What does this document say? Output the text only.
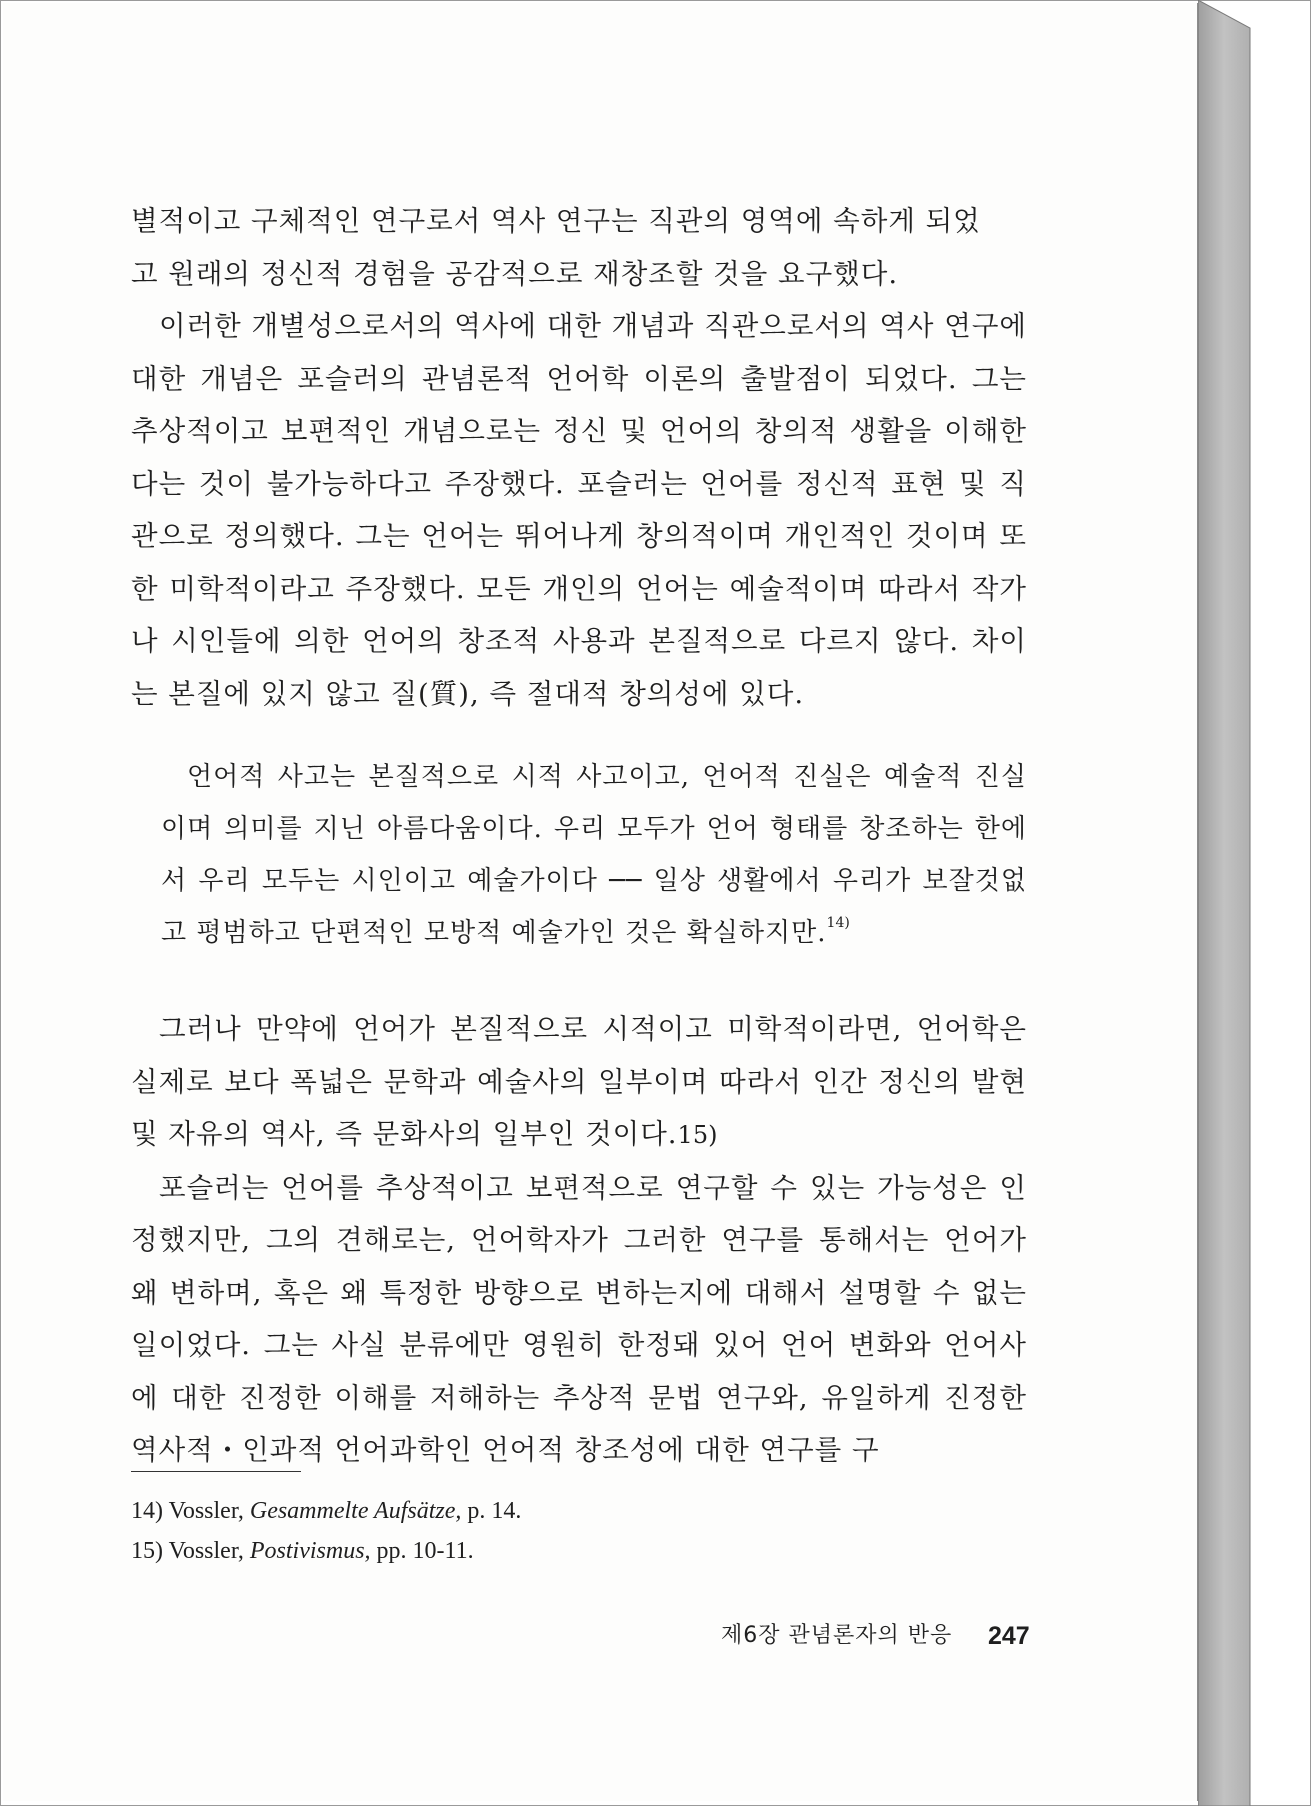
별적이고 구체적인 연구로서 역사 연구는 직관의 영역에 속하게 되었
고 원래의 정신적 경험을 공감적으로 재창조할 것을 요구했다.

이러한 개별성으로서의 역사에 대한 개념과 직관으로서의 역사 연구에 대한 개념은 포슬러의 관념론적 언어학 이론의 출발점이 되었다. 그는 추상적이고 보편적인 개념으로는 정신 및 언어의 창의적 생활을 이해한다는 것이 불가능하다고 주장했다. 포슬러는 언어를 정신적 표현 및 직관으로 정의했다. 그는 언어는 뛰어나게 창의적이며 개인적인 것이며 또한 미학적이라고 주장했다. 모든 개인의 언어는 예술적이며 따라서 작가나 시인들에 의한 언어의 창조적 사용과 본질적으로 다르지 않다. 차이는 본질에 있지 않고 질(質), 즉 절대적 창의성에 있다.

언어적 사고는 본질적으로 시적 사고이고, 언어적 진실은 예술적 진실이며 의미를 지닌 아름다움이다. 우리 모두가 언어 형태를 창조하는 한에서 우리 모두는 시인이고 예술가이다 ── 일상 생활에서 우리가 보잘것없고 평범하고 단편적인 모방적 예술가인 것은 확실하지만.$^{14)}$

그러나 만약에 언어가 본질적으로 시적이고 미학적이라면, 언어학은 실제로 보다 폭넓은 문학과 예술사의 일부이며 따라서 인간 정신의 발현 및 자유의 역사, 즉 문화사의 일부인 것이다.15)

포슬러는 언어를 추상적이고 보편적으로 연구할 수 있는 가능성은 인정했지만, 그의 견해로는, 언어학자가 그러한 연구를 통해서는 언어가 왜 변하며, 혹은 왜 특정한 방향으로 변하는지에 대해서 설명할 수 없는 일이었다. 그는 사실 분류에만 영원히 한정돼 있어 언어 변화와 언어사에 대한 진정한 이해를 저해하는 추상적 문법 연구와, 유일하게 진정한 역사적・인과적 언어과학인 언어적 창조성에 대한 연구를 구

14) Vossler, Gesammelte Aufsätze, p. 14.
15) Vossler, Postivismus, pp. 10-11.
제6장 관념론자의 반응 247
